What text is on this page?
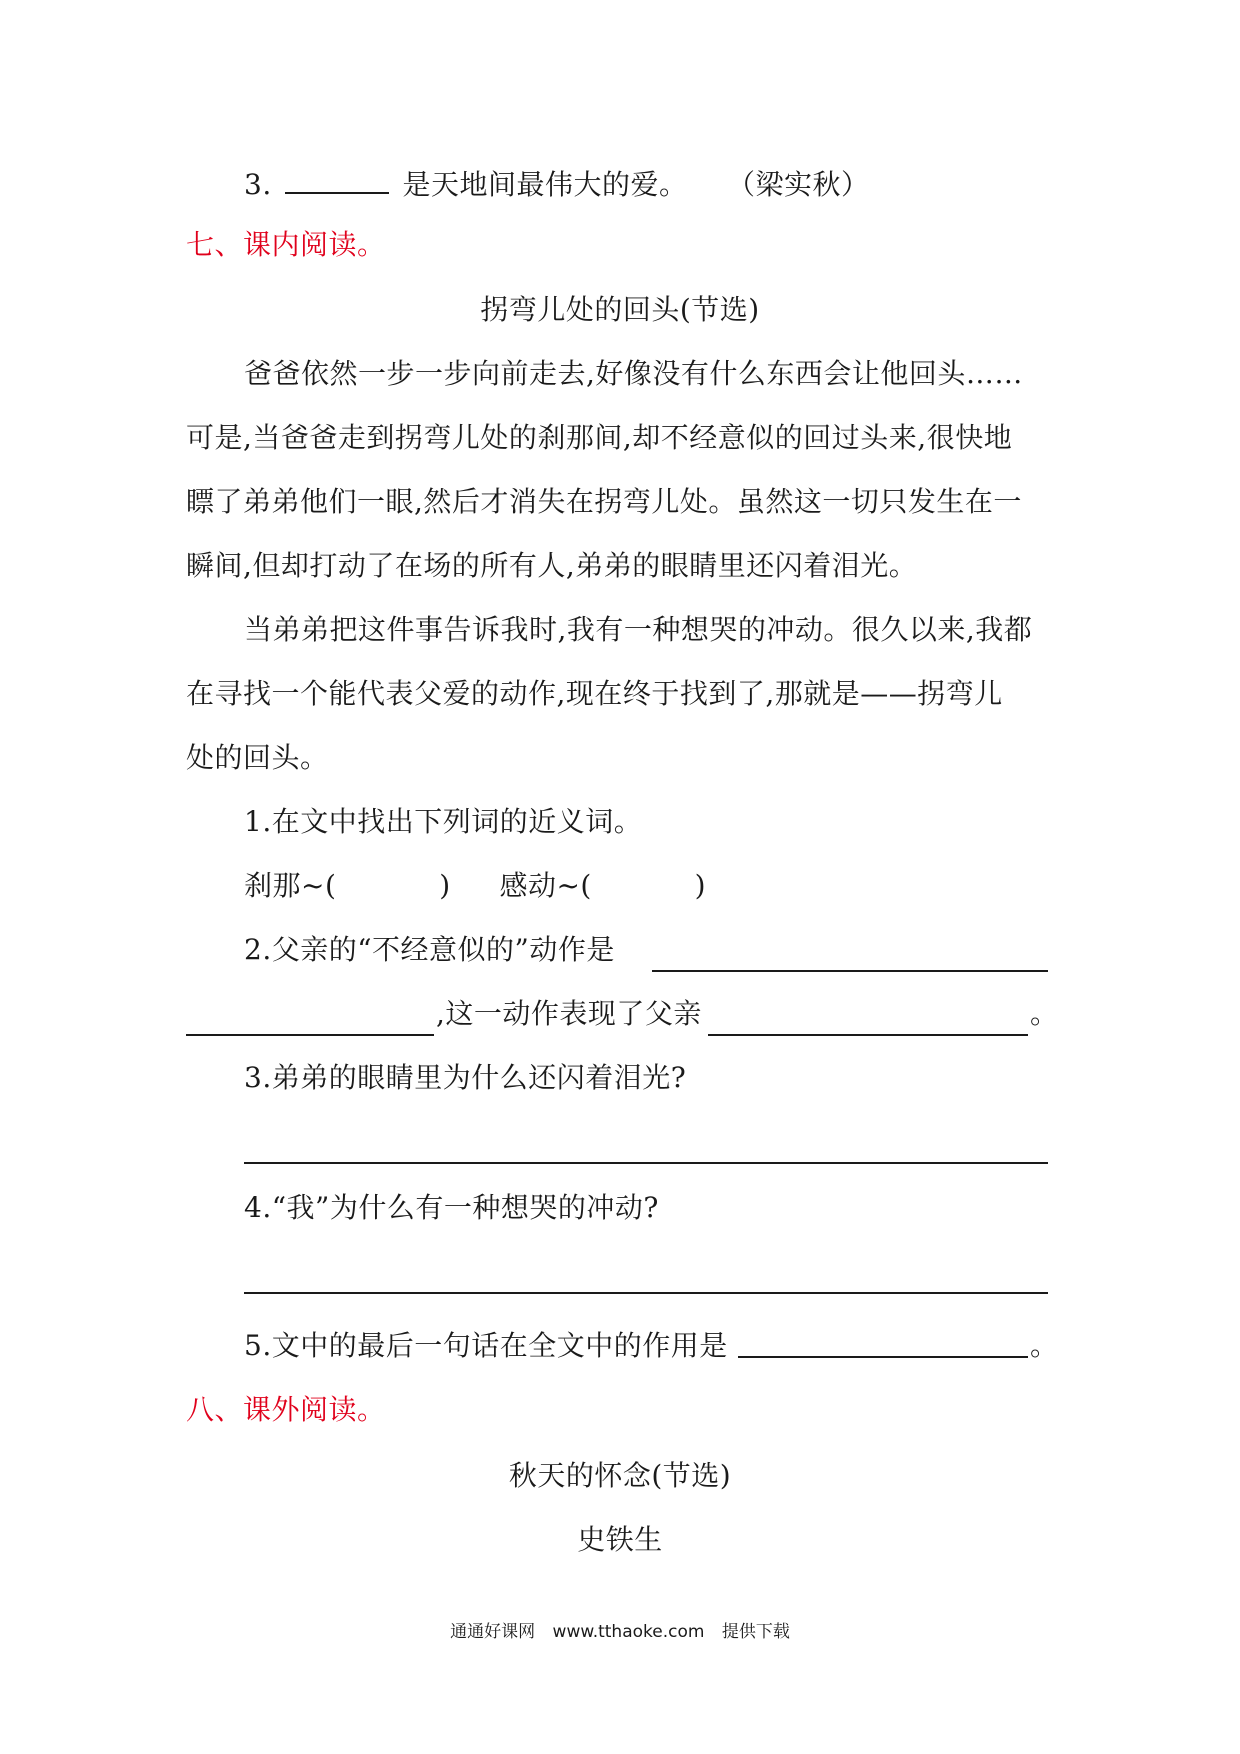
3.	是天地间最伟大的爱。 （梁实秋）
七、课内阅读。
拐弯儿处的回头(节选)
爸爸依然一步一步向前走去,好像没有什么东西会让他回头……
可是,当爸爸走到拐弯儿处的刹那间,却不经意似的回过头来,很快地
瞟了弟弟他们一眼,然后才消失在拐弯儿处。虽然这一切只发生在一
瞬间,但却打动了在场的所有人,弟弟的眼睛里还闪着泪光。
当弟弟把这件事告诉我时,我有一种想哭的冲动。很久以来,我都
在寻找一个能代表父爱的动作,现在终于找到了,那就是——拐弯儿
处的回头。
1.在文中找出下列词的近义词。
刹那~(	) 感动~(	)
2.父亲的“不经意似的”动作是
,这一动作表现了父亲	。
3.弟弟的眼睛里为什么还闪着泪光?
4.“我”为什么有一种想哭的冲动?
5.文中的最后一句话在全文中的作用是	。
八、课外阅读。
秋天的怀念(节选)
史铁生
通通好课网 www.tthaoke.com 提供下载
